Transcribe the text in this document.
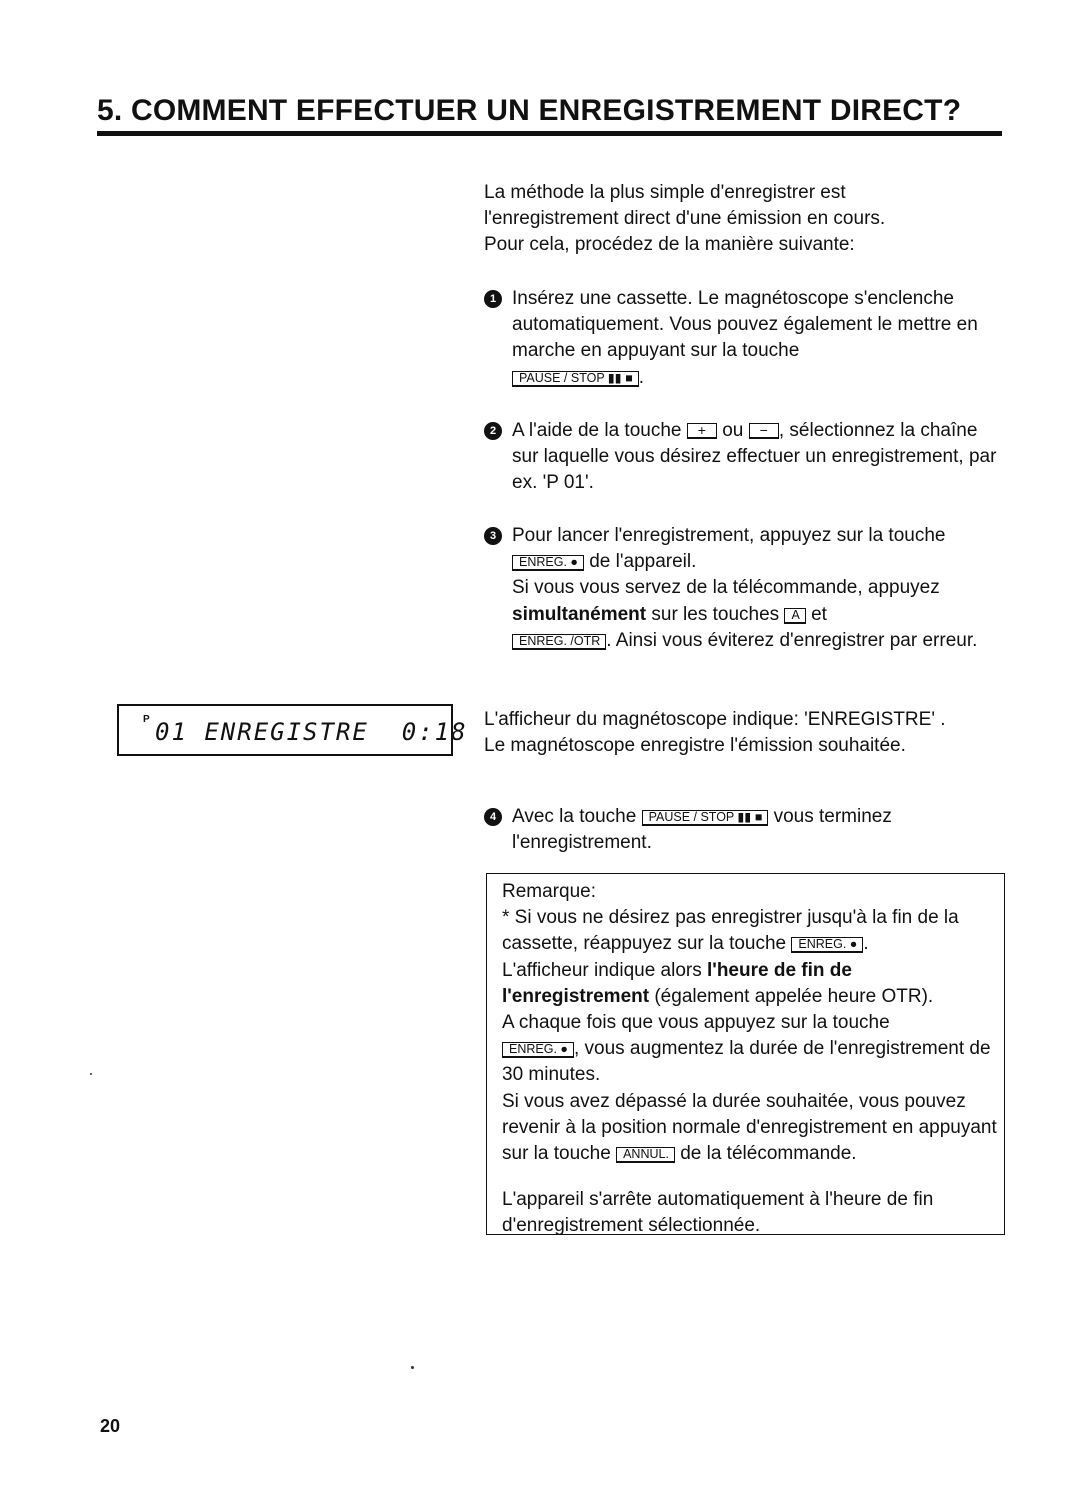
5. COMMENT EFFECTUER UN ENREGISTREMENT DIRECT?
La méthode la plus simple d'enregistrer est
l'enregistrement direct d'une émission en cours.
Pour cela, procédez de la manière suivante:
1 Insérez une cassette. Le magnétoscope s'enclenche automatiquement. Vous pouvez également le mettre en marche en appuyant sur la touche
PAUSE / STOP ▮▮ ■ .
2 A l'aide de la touche + ou − , sélectionnez la chaîne sur laquelle vous désirez effectuer un enregistrement, par ex. 'P 01'.
3 Pour lancer l'enregistrement, appuyez sur la touche
ENREG. ● de l'appareil.
Si vous vous servez de la télécommande, appuyez
simultanément sur les touches A et
ENREG. /OTR . Ainsi vous éviterez d'enregistrer par erreur.
P 01 ENREGISTRE  0:18 L'afficheur du magnétoscope indique: 'ENREGISTRE' .
Le magnétoscope enregistre l'émission souhaitée.
4 Avec la touche PAUSE / STOP ▮▮ ■ vous terminez l'enregistrement.

Remarque:

* Si vous ne désirez pas enregistrer jusqu'à la fin de la cassette, réappuyez sur la touche ENREG. ● .

L'afficheur indique alors l'heure de fin de l'enregistrement (également appelée heure OTR).

A chaque fois que vous appuyez sur la touche
ENREG. ● , vous augmentez la durée de l'enregistrement de 30 minutes.

Si vous avez dépassé la durée souhaitée, vous pouvez revenir à la position normale d'enregistrement en appuyant sur la touche ANNUL. de la télécommande.

L'appareil s'arrête automatiquement à l'heure de fin d'enregistrement sélectionnée.

20
